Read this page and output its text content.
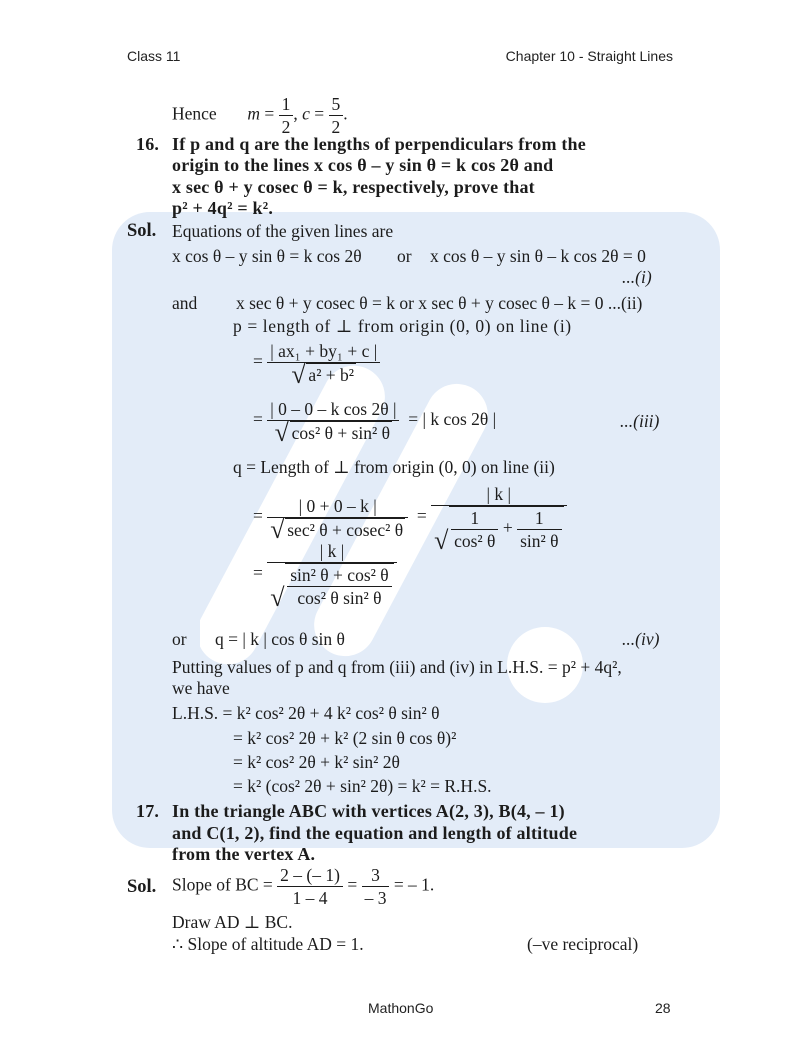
Class 11	Chapter 10 - Straight Lines
MathonGo	28
Hence $m = \frac{1}{2}$ , $c = \frac{5}{2}$ .
16. If p and q are the lengths of perpendiculars from the
origin to the lines x cos θ – y sin θ = k cos 2θ and
x sec θ + y cosec θ = k, respectively, prove that
p² + 4q² = k².
Sol. Equations of the given lines are
x cos θ – y sin θ = k cos 2θ or x cos θ – y sin θ – k cos 2θ = 0
...(i)
and x sec θ + y cosec θ = k or x sec θ + y cosec θ – k = 0 ...(ii)
p = length of ⊥ from origin (0, 0) on line (i)
= | ax₁ + by₁ + c |
√ a² + b²
= | 0 – 0 – k cos 2θ |
√ cos² θ + sin² θ = | k cos 2θ |	...(iii)
q = Length of ⊥ from origin (0, 0) on line (ii)
= | 0 + 0 – k |
√ sec² θ + cosec² θ = | k |
√ $\frac{1}{\text{cos² θ}} + \frac{1}{\text{sin² θ}}$
= | k |
√ $\frac{\text{sin² θ + cos² θ}}{\text{cos² θ sin² θ}}$
or q = | k | cos θ sin θ	...(iv)
Putting values of p and q from (iii) and (iv) in L.H.S. = p² + 4q²,
we have
L.H.S. = k² cos² 2θ + 4 k² cos² θ sin² θ
= k² cos² 2θ + k² (2 sin θ cos θ)²
= k² cos² 2θ + k² sin² 2θ
= k² (cos² 2θ + sin² 2θ) = k² = R.H.S.
17. In the triangle ABC with vertices A(2, 3), B(4, – 1)
and C(1, 2), find the equation and length of altitude
from the vertex A.
Sol. Slope of BC = $\frac{2 - (- 1)}{1 - 4} = \frac{3}{- 3}$ = – 1.
Draw AD ⊥ BC.
∴ Slope of altitude AD = 1.	(–ve reciprocal)
